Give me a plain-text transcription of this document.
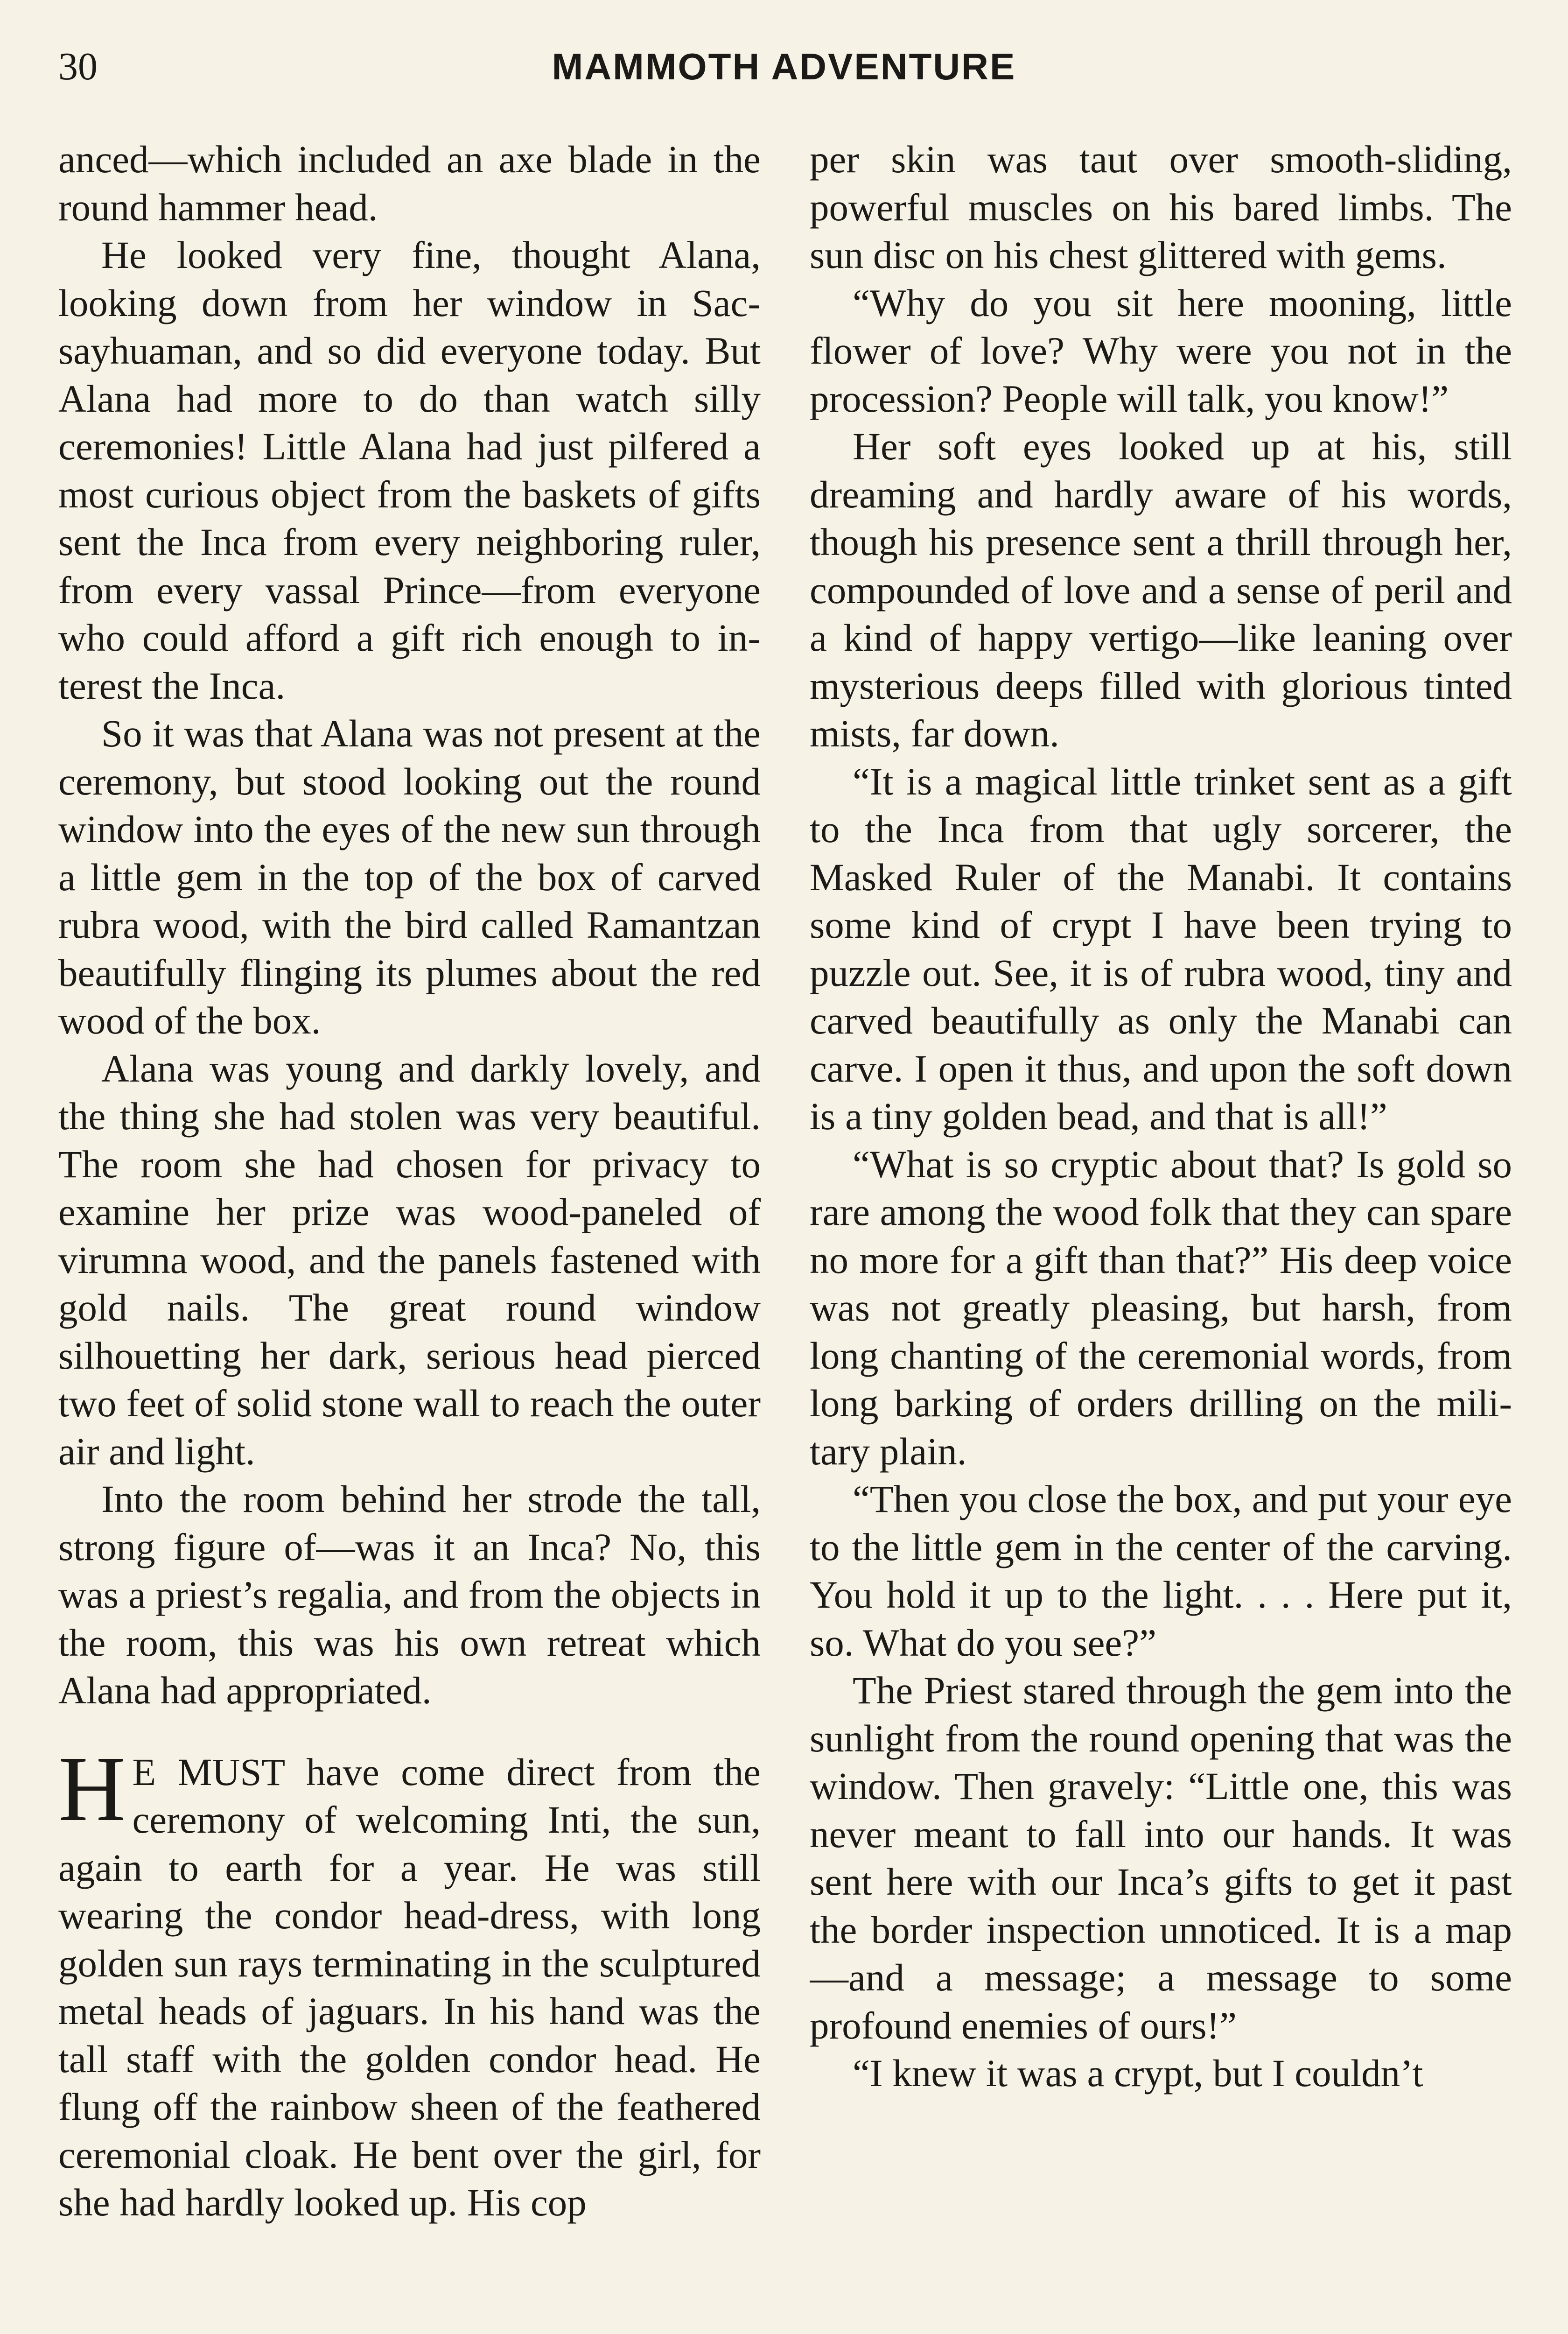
30	MAMMOTH ADVENTURE

anced—which included an axe blade in the round hammer head.

He looked very fine, thought Alana, looking down from her window in Sacsayhuaman, and so did everyone today. But Alana had more to do than watch silly ceremonies! Little Alana had just pilfered a most curious object from the baskets of gifts sent the Inca from every neighboring ruler, from every vassal Prince—from everyone who could afford a gift rich enough to interest the Inca.

So it was that Alana was not present at the ceremony, but stood looking out the round window into the eyes of the new sun through a little gem in the top of the box of carved rubra wood, with the bird called Ramantzan beautifully flinging its plumes about the red wood of the box.

Alana was young and darkly lovely, and the thing she had stolen was very beautiful. The room she had chosen for privacy to examine her prize was wood-paneled of virumna wood, and the panels fastened with gold nails. The great round window silhouetting her dark, serious head pierced two feet of solid stone wall to reach the outer air and light.

Into the room behind her strode the tall, strong figure of—was it an Inca? No, this was a priest’s regalia, and from the objects in the room, this was his own retreat which Alana had appropriated.

H E MUST have come direct from the ceremony of welcoming Inti, the sun, again to earth for a year. He was still wearing the condor head-dress, with long golden sun rays terminating in the sculptured metal heads of jaguars. In his hand was the tall staff with the golden condor head. He flung off the rainbow sheen of the feathered ceremonial cloak. He bent over the girl, for she had hardly looked up. His cop

per skin was taut over smooth-sliding, powerful muscles on his bared limbs. The sun disc on his chest glittered with gems.

“Why do you sit here mooning, little flower of love? Why were you not in the procession? People will talk, you know!”

Her soft eyes looked up at his, still dreaming and hardly aware of his words, though his presence sent a thrill through her, compounded of love and a sense of peril and a kind of happy vertigo—like leaning over mysterious deeps filled with glorious tinted mists, far down.

“It is a magical little trinket sent as a gift to the Inca from that ugly sorcerer, the Masked Ruler of the Manabi. It contains some kind of crypt I have been trying to puzzle out. See, it is of rubra wood, tiny and carved beautifully as only the Manabi can carve. I open it thus, and upon the soft down is a tiny golden bead, and that is all!”

“What is so cryptic about that? Is gold so rare among the wood folk that they can spare no more for a gift than that?” His deep voice was not greatly pleasing, but harsh, from long chanting of the ceremonial words, from long barking of orders drilling on the military plain.

“Then you close the box, and put your eye to the little gem in the center of the carving. You hold it up to the light. . . . Here put it, so. What do you see?”

The Priest stared through the gem into the sunlight from the round opening that was the window. Then gravely: “Little one, this was never meant to fall into our hands. It was sent here with our Inca’s gifts to get it past the border inspection unnoticed. It is a map—and a message; a message to some profound enemies of ours!”

“I knew it was a crypt, but I couldn’t
